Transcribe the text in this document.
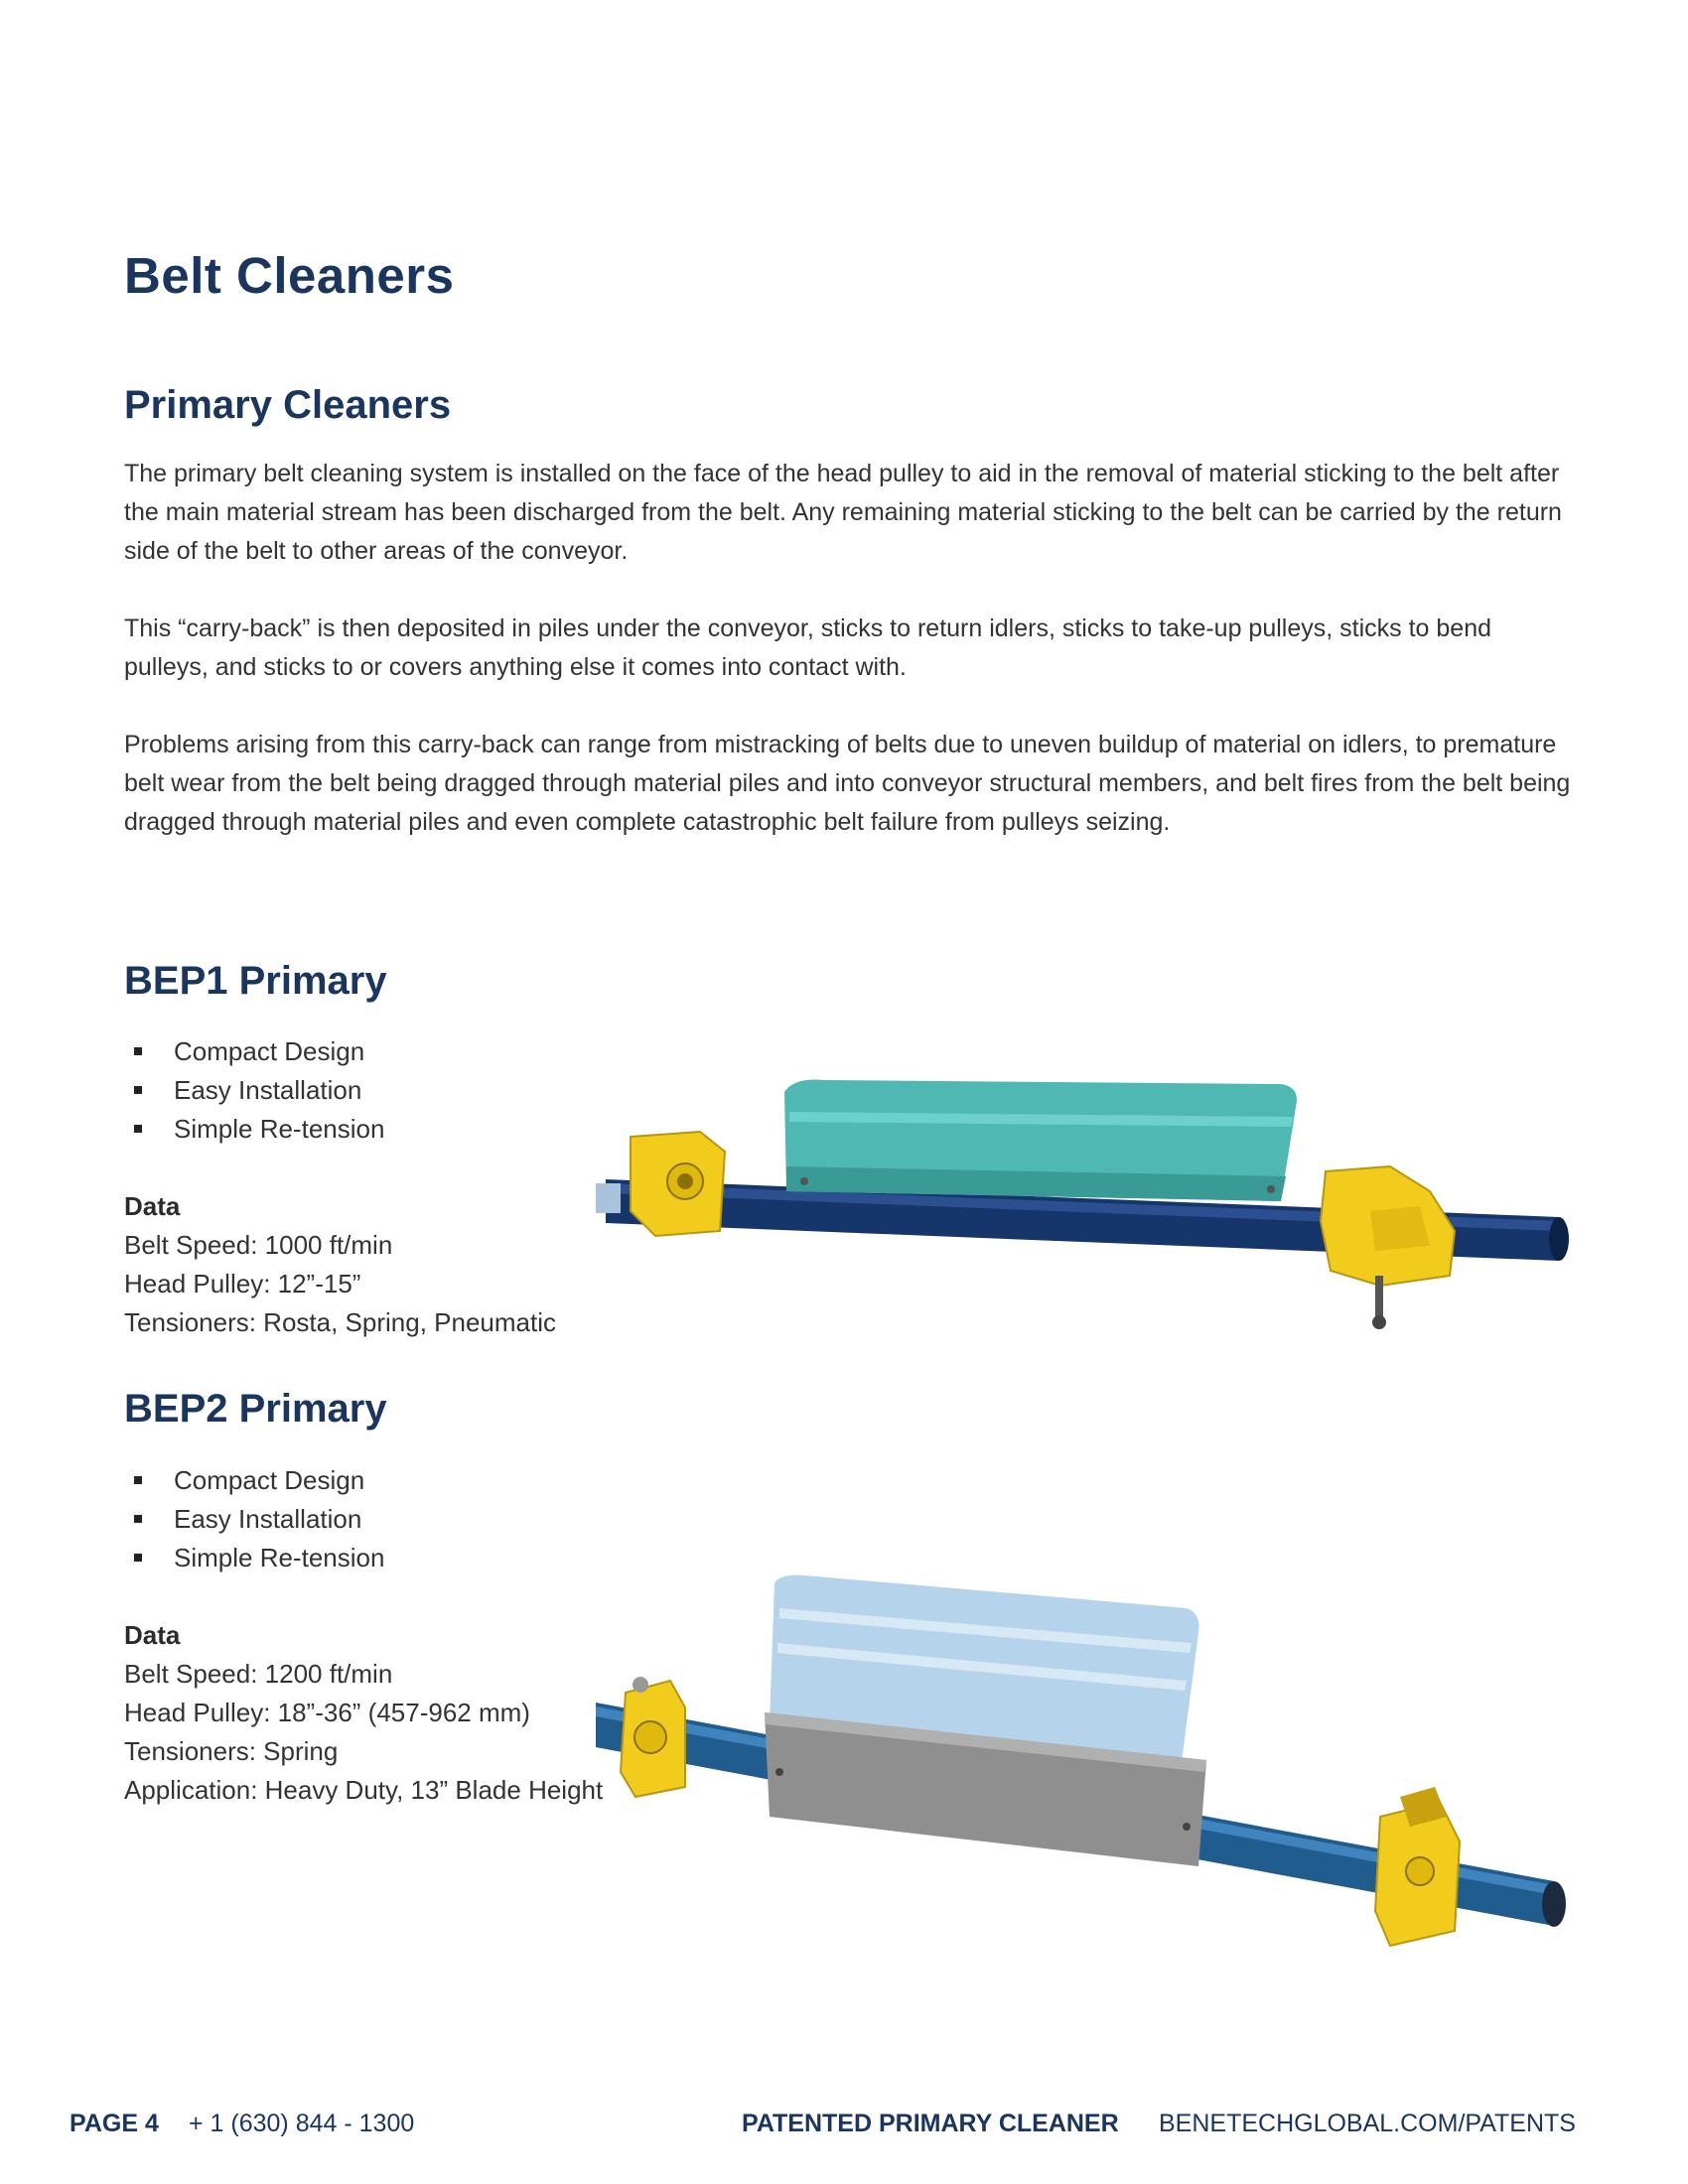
Belt Cleaners
Primary Cleaners

The primary belt cleaning system is installed on the face of the head pulley to aid in the removal of material sticking to the belt after the main material stream has been discharged from the belt. Any remaining material sticking to the belt can be carried by the return side of the belt to other areas of the conveyor.

This “carry-back” is then deposited in piles under the conveyor, sticks to return idlers, sticks to take-up pulleys, sticks to bend pulleys, and sticks to or covers anything else it comes into contact with.

Problems arising from this carry-back can range from mistracking of belts due to uneven buildup of material on idlers, to premature belt wear from the belt being dragged through material piles and into conveyor structural members, and belt fires from the belt being dragged through material piles and even complete catastrophic belt failure from pulleys seizing.

BEP1 Primary
Compact Design
Easy Installation
Simple Re-tension
Data
Belt Speed: 1000 ft/min
Head Pulley: 12”-15”
Tensioners: Rosta, Spring, Pneumatic
BEP2 Primary
Compact Design
Easy Installation
Simple Re-tension
Data
Belt Speed: 1200 ft/min
Head Pulley: 18”-36” (457-962 mm)
Tensioners: Spring
Application: Heavy Duty, 13” Blade Height
PAGE 4 + 1 (630) 844 - 1300	PATENTED PRIMARY CLEANER BENETECHGLOBAL.COM/PATENTS
